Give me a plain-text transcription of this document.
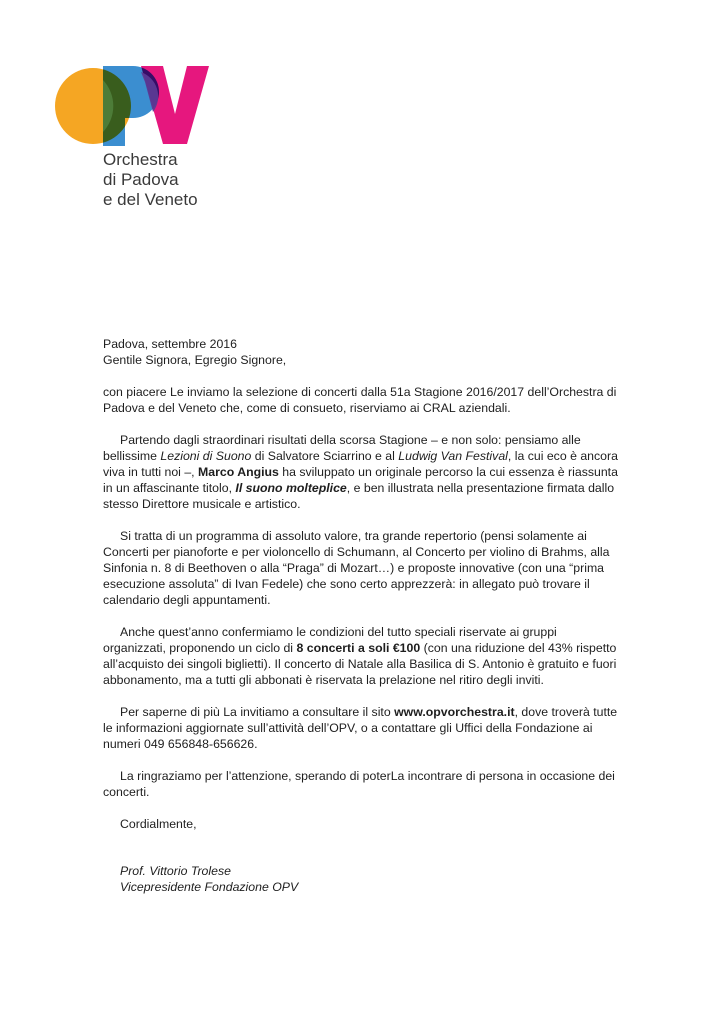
Orchestra
di Padova
e del Veneto

Padova, settembre 2016

Gentile Signora, Egregio Signore,

con piacere Le inviamo la selezione di concerti dalla 51a Stagione 2016/2017 dell’Orchestra di Padova e del Veneto che, come di consueto, riserviamo ai CRAL aziendali.

Partendo dagli straordinari risultati della scorsa Stagione – e non solo: pensiamo alle bellissime Lezioni di Suono di Salvatore Sciarrino e al Ludwig Van Festival, la cui eco è ancora viva in tutti noi –, Marco Angius ha sviluppato un originale percorso la cui essenza è riassunta in un affascinante titolo, Il suono molteplice, e ben illustrata nella presentazione firmata dallo stesso Direttore musicale e artistico.

Si tratta di un programma di assoluto valore, tra grande repertorio (pensi solamente ai Concerti per pianoforte e per violoncello di Schumann, al Concerto per violino di Brahms, alla Sinfonia n. 8 di Beethoven o alla “Praga” di Mozart…) e proposte innovative (con una “prima esecuzione assoluta” di Ivan Fedele) che sono certo apprezzerà: in allegato può trovare il calendario degli appuntamenti.

Anche quest’anno confermiamo le condizioni del tutto speciali riservate ai gruppi organizzati, proponendo un ciclo di 8 concerti a soli €100 (con una riduzione del 43% rispetto all’acquisto dei singoli biglietti). Il concerto di Natale alla Basilica di S. Antonio è gratuito e fuori abbonamento, ma a tutti gli abbonati è riservata la prelazione nel ritiro degli inviti.

Per saperne di più La invitiamo a consultare il sito www.opvorchestra.it, dove troverà tutte le informazioni aggiornate sull’attività dell’OPV, o a contattare gli Uffici della Fondazione ai numeri 049 656848-656626.

La ringraziamo per l’attenzione, sperando di poterLa incontrare di persona in occasione dei concerti.

Cordialmente,

Prof. Vittorio Trolese

Vicepresidente Fondazione OPV
